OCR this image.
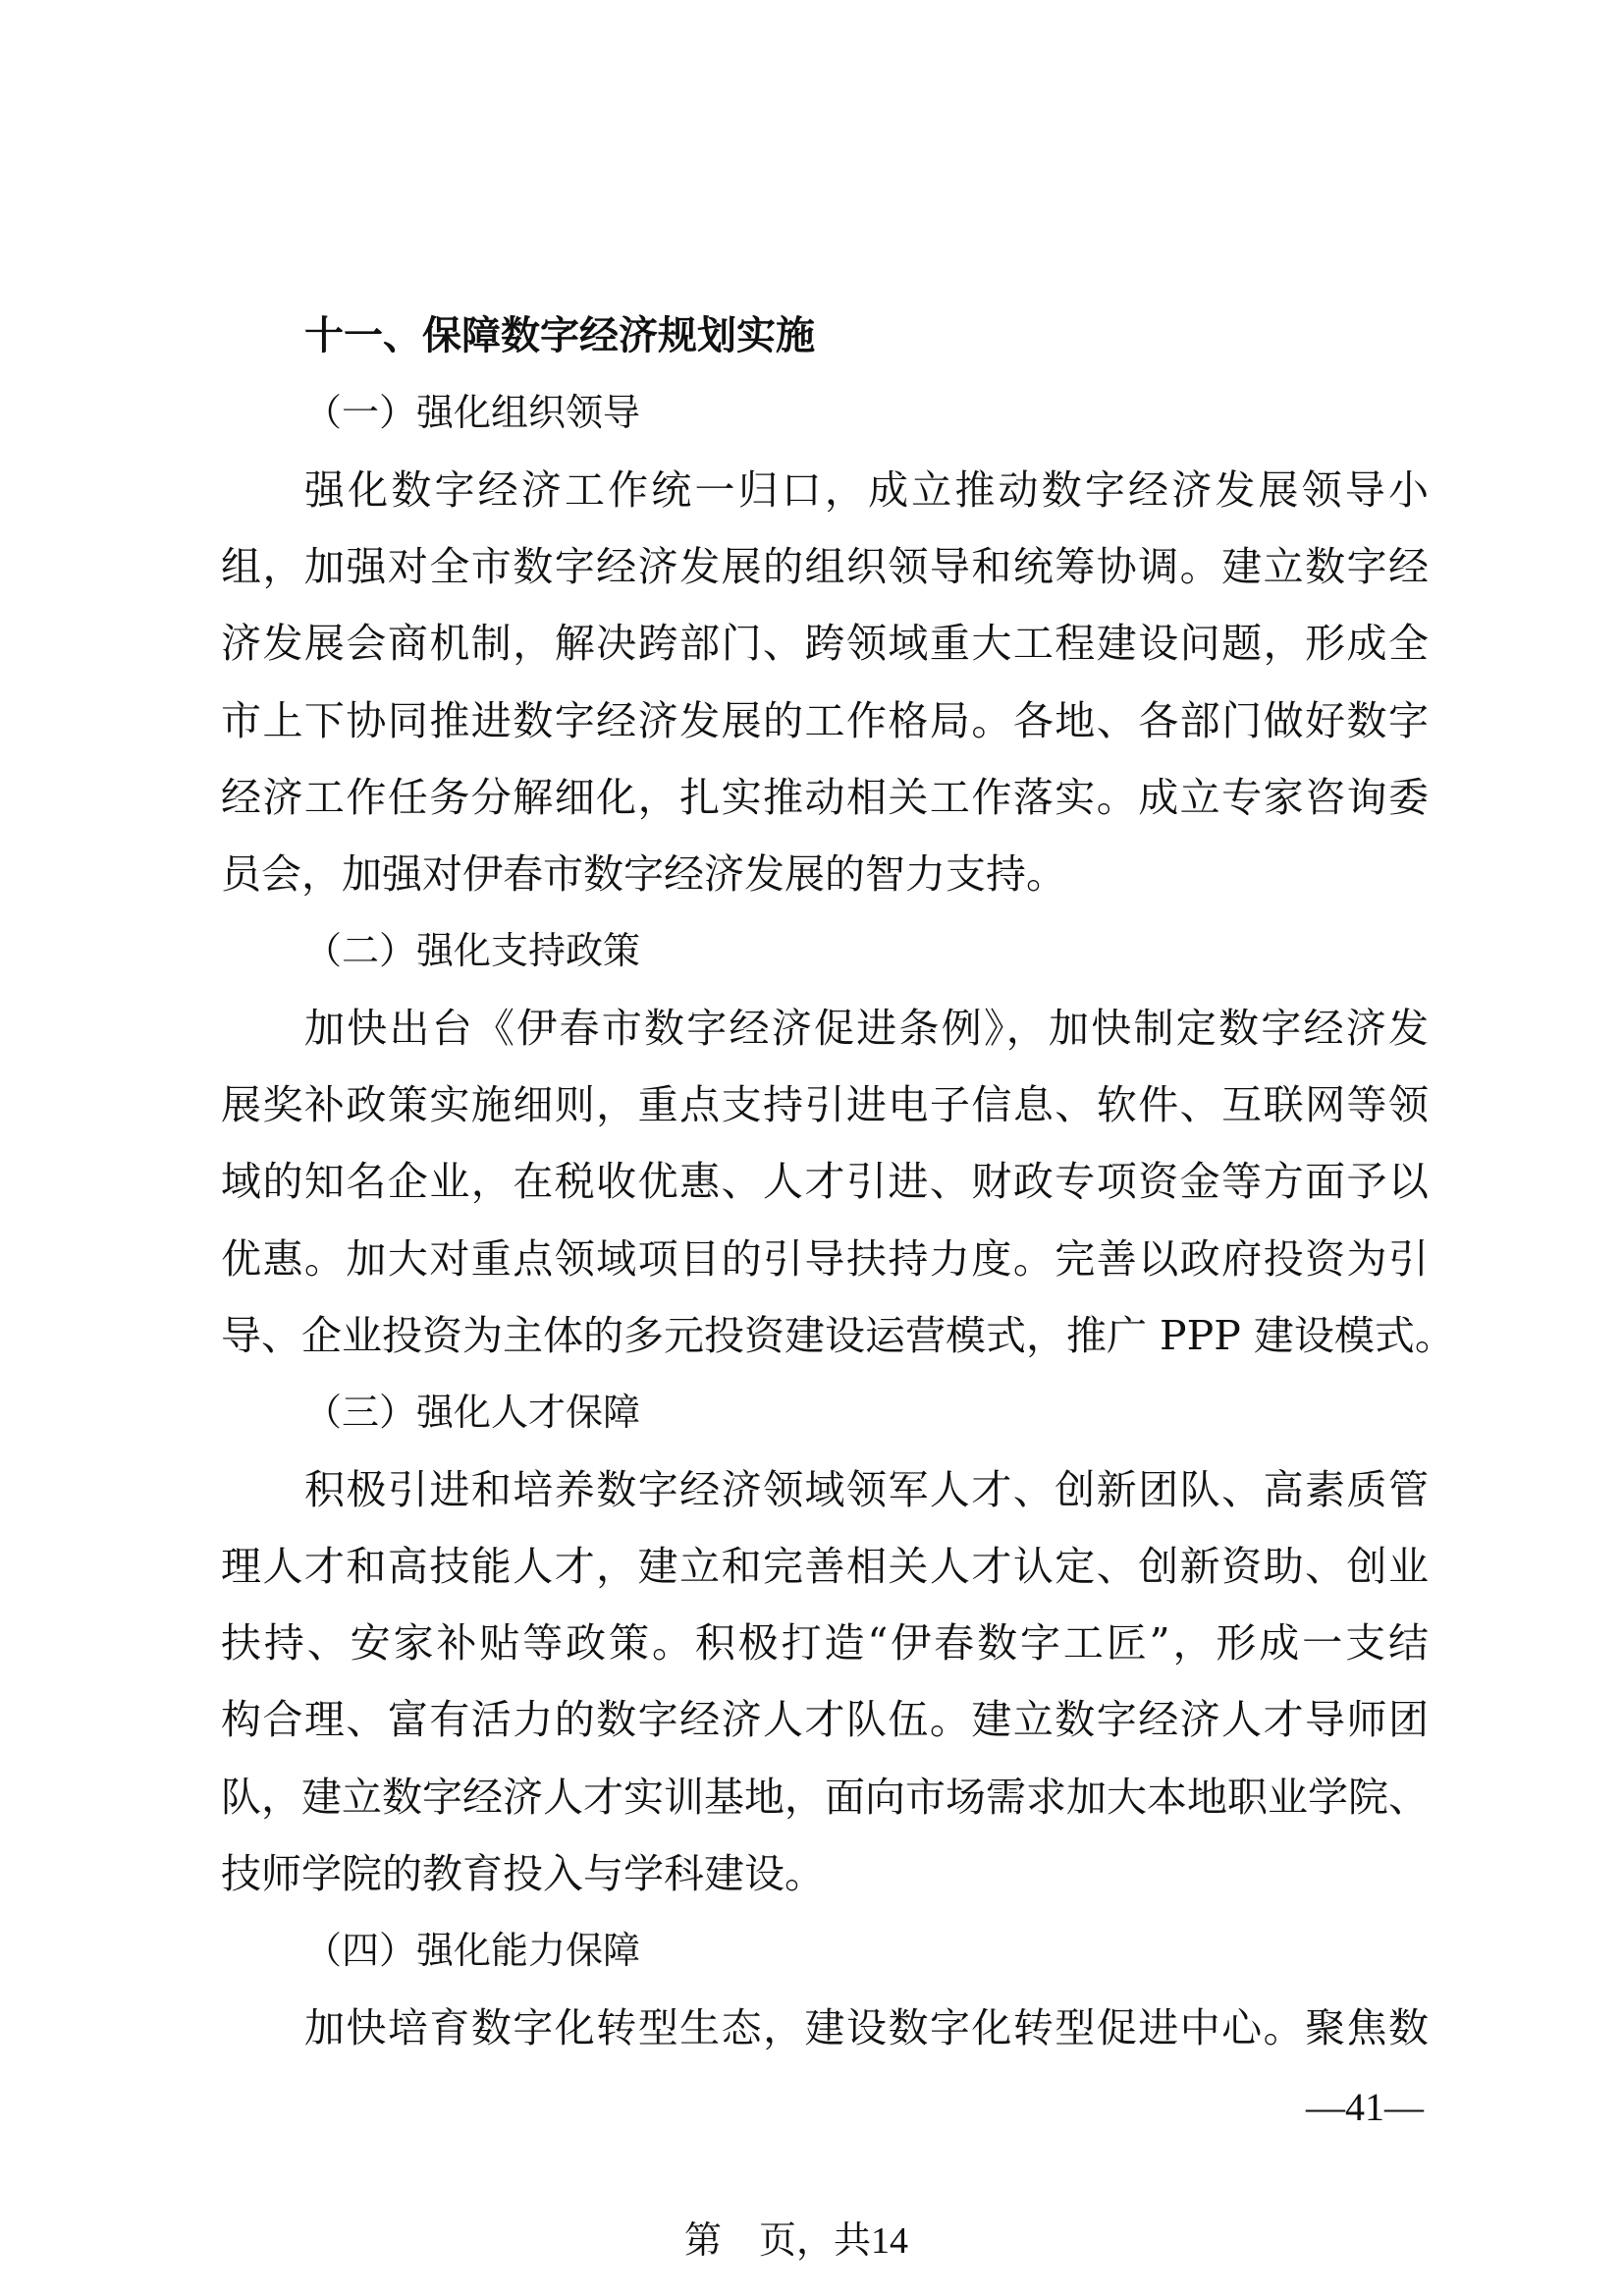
十一、保障数字经济规划实施
（一）强化组织领导
强化数字经济工作统一归口，成立推动数字经济发展领导小
组，加强对全市数字经济发展的组织领导和统筹协调。建立数字经
济发展会商机制，解决跨部门、跨领域重大工程建设问题，形成全
市上下协同推进数字经济发展的工作格局。各地、各部门做好数字
经济工作任务分解细化，扎实推动相关工作落实。成立专家咨询委
员会，加强对伊春市数字经济发展的智力支持。
（二）强化支持政策
加快出台《伊春市数字经济促进条例》，加快制定数字经济发
展奖补政策实施细则，重点支持引进电子信息、软件、互联网等领
域的知名企业，在税收优惠、人才引进、财政专项资金等方面予以
优惠。加大对重点领域项目的引导扶持力度。完善以政府投资为引
导、企业投资为主体的多元投资建设运营模式，推广 PPP 建设模式。
（三）强化人才保障
积极引进和培养数字经济领域领军人才、创新团队、高素质管
理人才和高技能人才，建立和完善相关人才认定、创新资助、创业
扶持、安家补贴等政策。积极打造“伊春数字工匠”，形成一支结
构合理、富有活力的数字经济人才队伍。建立数字经济人才导师团
队，建立数字经济人才实训基地，面向市场需求加大本地职业学院、
技师学院的教育投入与学科建设。
（四）强化能力保障
加快培育数字化转型生态，建设数字化转型促进中心。聚焦数
—41—
第　页，共14
